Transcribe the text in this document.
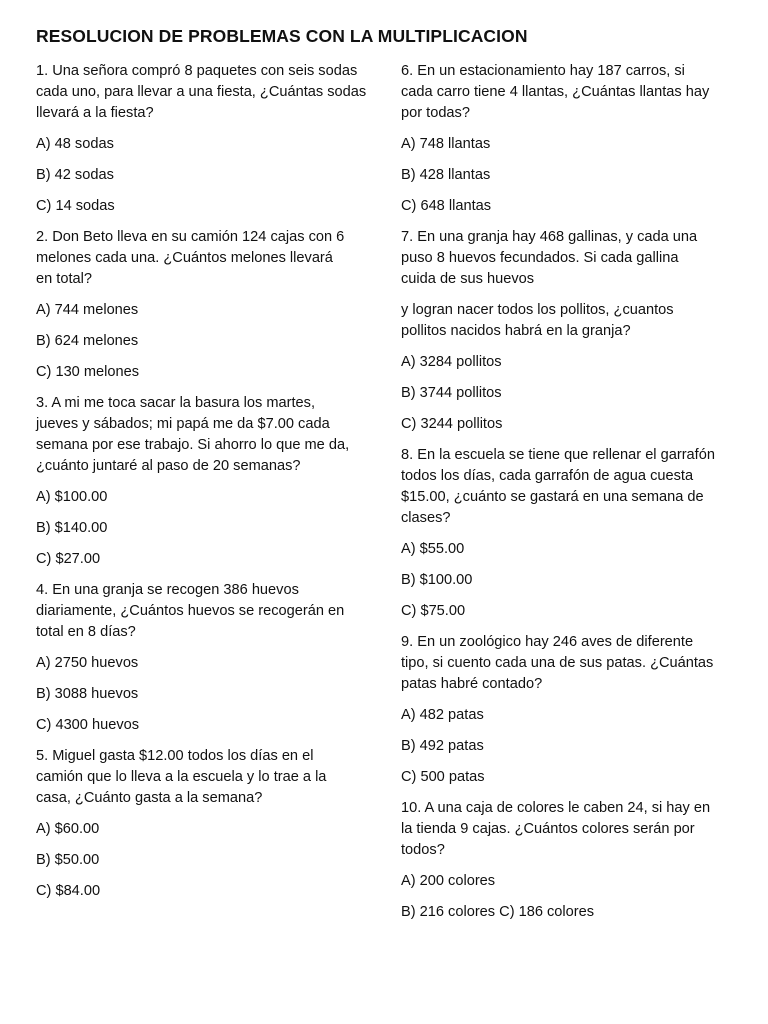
RESOLUCION DE PROBLEMAS CON LA MULTIPLICACION
1. Una señora compró 8 paquetes con seis sodas
cada uno, para llevar a una fiesta, ¿Cuántas sodas
llevará a la fiesta?
A) 48 sodas
B) 42 sodas
C) 14 sodas
2. Don Beto lleva en su camión 124 cajas con 6
melones cada una. ¿Cuántos melones llevará
en total?
A) 744 melones
B) 624 melones
C) 130 melones
3. A mi me toca sacar la basura los martes,
jueves y sábados; mi papá me da $7.00 cada
semana por ese trabajo. Si ahorro lo que me da,
¿cuánto juntaré al paso de 20 semanas?
A) $100.00
B) $140.00
C) $27.00
4. En una granja se recogen 386 huevos
diariamente, ¿Cuántos huevos se recogerán en
total en 8 días?
A) 2750 huevos
B) 3088 huevos
C) 4300 huevos
5. Miguel gasta $12.00 todos los días en el
camión que lo lleva a la escuela y lo trae a la
casa, ¿Cuánto gasta a la semana?
A) $60.00
B) $50.00
C) $84.00
6. En un estacionamiento hay 187 carros, si
cada carro tiene 4 llantas, ¿Cuántas llantas hay
por todas?
A) 748 llantas
B) 428 llantas
C) 648 llantas
7. En una granja hay 468 gallinas, y cada una
puso 8 huevos fecundados. Si cada gallina
cuida de sus huevos
y logran nacer todos los pollitos, ¿cuantos
pollitos nacidos habrá en la granja?
A) 3284 pollitos
B) 3744 pollitos
C) 3244 pollitos
8. En la escuela se tiene que rellenar el garrafón
todos los días, cada garrafón de agua cuesta
$15.00, ¿cuánto se gastará en una semana de
clases?
A) $55.00
B) $100.00
C) $75.00
9. En un zoológico hay 246 aves de diferente
tipo, si cuento cada una de sus patas. ¿Cuántas
patas habré contado?
A) 482 patas
B) 492 patas
C) 500 patas
10. A una caja de colores le caben 24, si hay en
la tienda 9 cajas. ¿Cuántos colores serán por
todos?
A) 200 colores
B) 216 colores C) 186 colores
